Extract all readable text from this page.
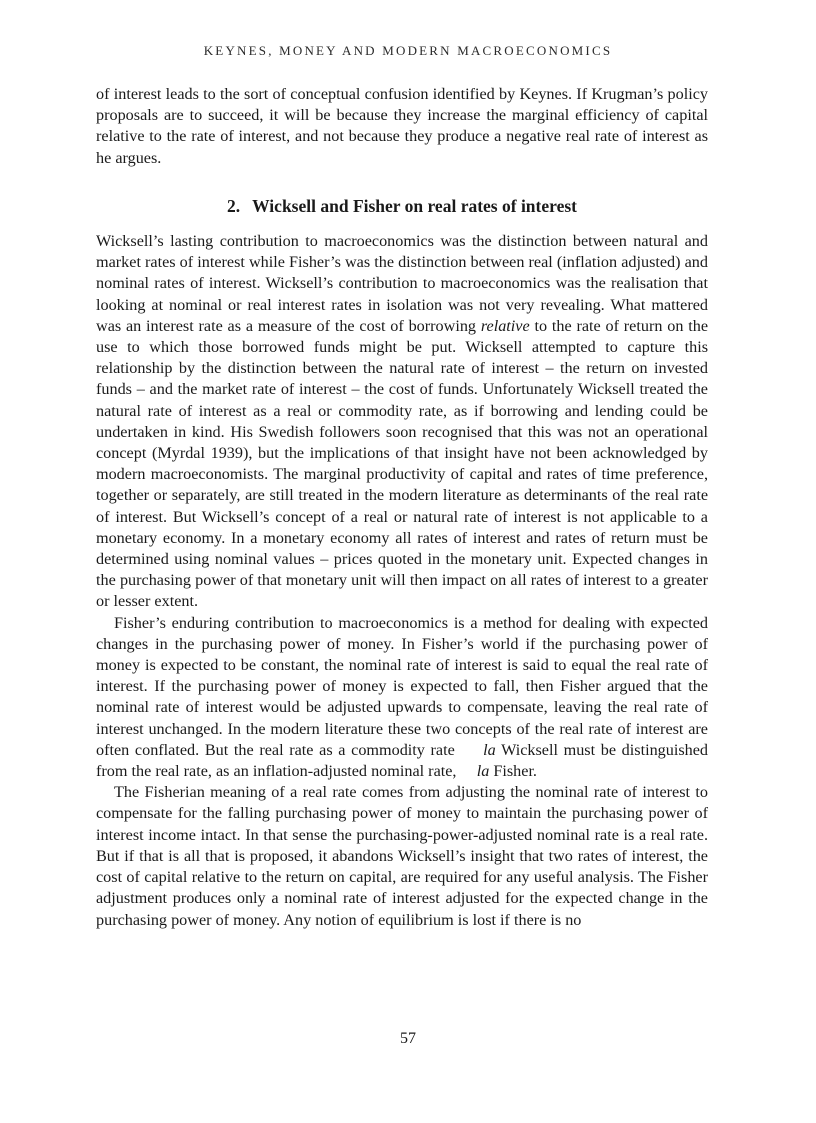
KEYNES, MONEY AND MODERN MACROECONOMICS

of interest leads to the sort of conceptual confusion identified by Keynes. If Krugman’s policy proposals are to succeed, it will be because they increase the marginal efficiency of capital relative to the rate of interest, and not because they produce a negative real rate of interest as he argues.

2. Wicksell and Fisher on real rates of interest

Wicksell’s lasting contribution to macroeconomics was the distinction between natural and market rates of interest while Fisher’s was the distinction between real (inflation adjusted) and nominal rates of interest. Wicksell’s contribution to macroeconomics was the realisation that looking at nominal or real interest rates in isolation was not very revealing. What mattered was an interest rate as a measure of the cost of borrowing relative to the rate of return on the use to which those borrowed funds might be put. Wicksell attempted to capture this relationship by the distinction between the natural rate of interest – the return on invested funds – and the market rate of interest – the cost of funds. Unfortunately Wicksell treated the natural rate of interest as a real or commodity rate, as if borrowing and lending could be undertaken in kind. His Swedish followers soon recognised that this was not an operational concept (Myrdal 1939), but the implications of that insight have not been acknowledged by modern macroeconomists. The marginal productivity of capital and rates of time preference, together or separately, are still treated in the modern literature as determinants of the real rate of interest. But Wicksell’s concept of a real or natural rate of interest is not applicable to a monetary economy. In a monetary economy all rates of interest and rates of return must be determined using nominal values – prices quoted in the monetary unit. Expected changes in the purchasing power of that monetary unit will then impact on all rates of interest to a greater or lesser extent.

Fisher’s enduring contribution to macroeconomics is a method for dealing with expected changes in the purchasing power of money. In Fisher’s world if the purchasing power of money is expected to be constant, the nominal rate of interest is said to equal the real rate of interest. If the purchasing power of money is expected to fall, then Fisher argued that the nominal rate of interest would be adjusted upwards to compensate, leaving the real rate of interest unchanged. In the modern literature these two concepts of the real rate of interest are often conflated. But the real rate as a commodity rate la Wicksell must be distinguished from the real rate, as an inflation-adjusted nominal rate, la Fisher.

The Fisherian meaning of a real rate comes from adjusting the nominal rate of interest to compensate for the falling purchasing power of money to maintain the purchasing power of interest income intact. In that sense the purchasing-power-adjusted nominal rate is a real rate. But if that is all that is proposed, it abandons Wicksell’s insight that two rates of interest, the cost of capital relative to the return on capital, are required for any useful analysis. The Fisher adjustment produces only a nominal rate of interest adjusted for the expected change in the purchasing power of money. Any notion of equilibrium is lost if there is no

57
